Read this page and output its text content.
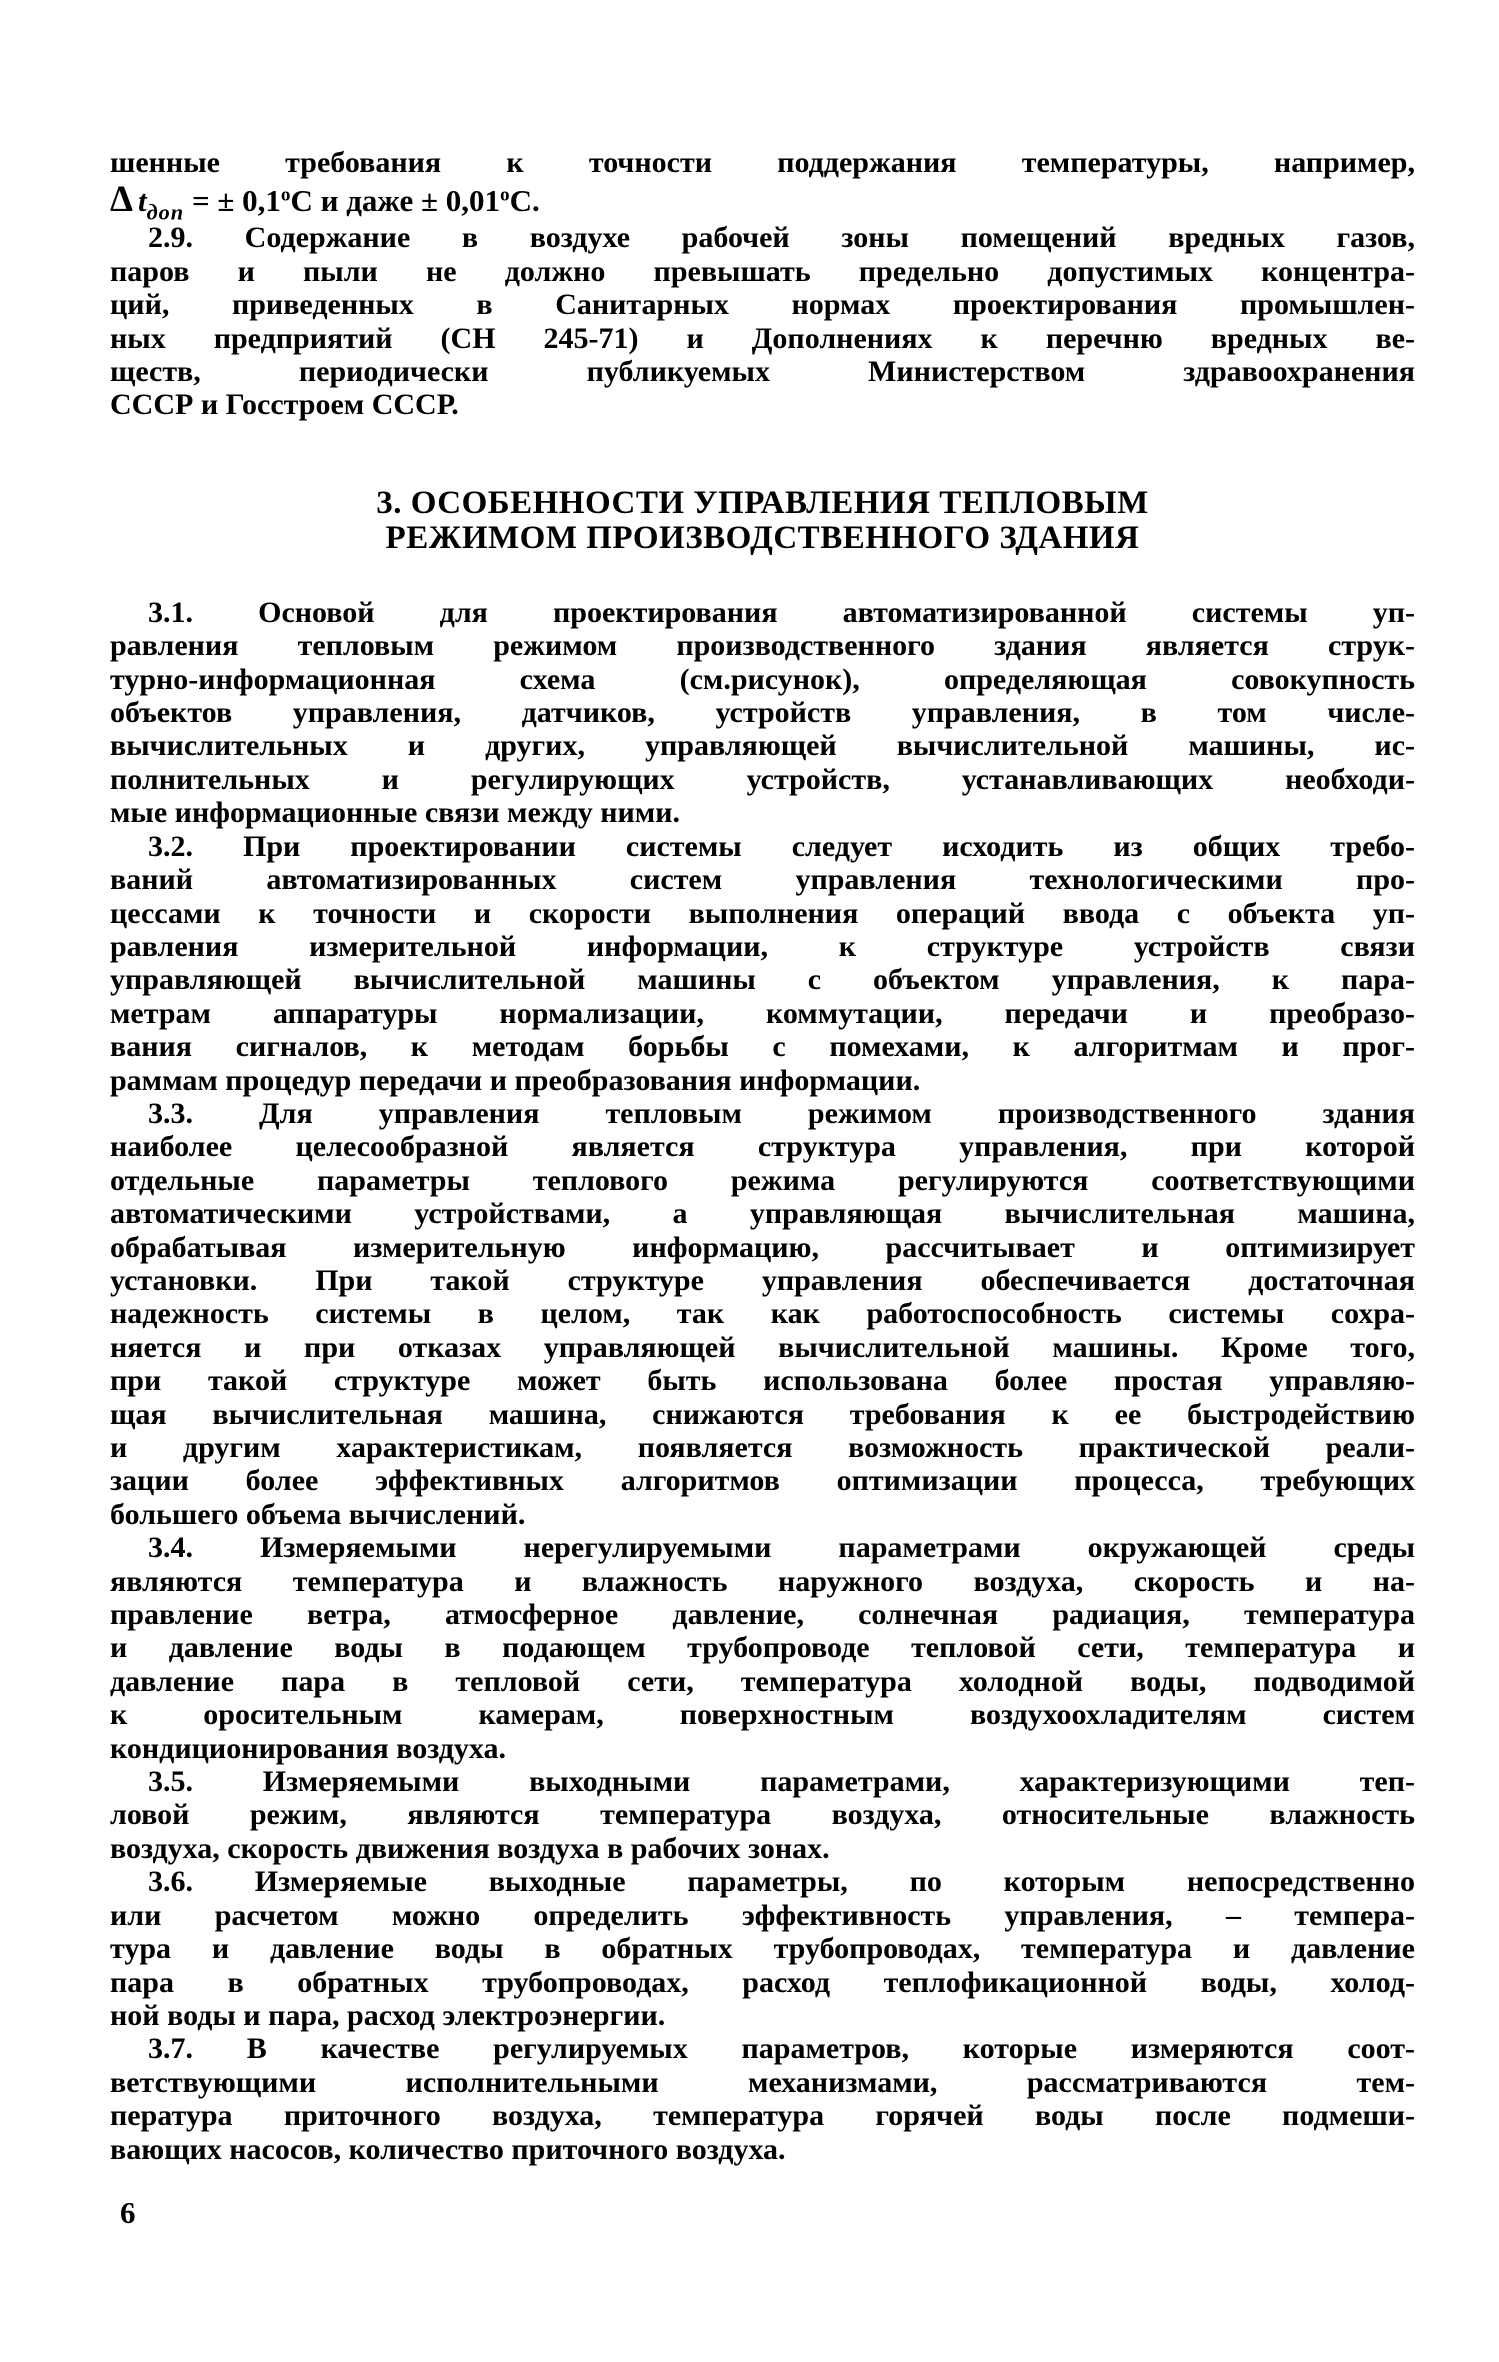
шенные требования к точности поддержания температуры, например,
Δ $t_{доп}$ = ± $0,1^оС$ и даже ± $0,01^оС$.
2.9. Содержание в воздухе рабочей зоны помещений вредных газов,
паров и пыли не должно превышать предельно допустимых концентра-
ций, приведенных в Санитарных нормах проектирования промышлен-
ных предприятий (СН 245-71) и Дополнениях к перечню вредных ве-
ществ, периодически публикуемых Министерством здравоохранения
СССР и Госстроем СССР.
3. ОСОБЕННОСТИ УПРАВЛЕНИЯ ТЕПЛОВЫМ
РЕЖИМОМ ПРОИЗВОДСТВЕННОГО ЗДАНИЯ
3.1. Основой для проектирования автоматизированной системы уп-
равления тепловым режимом производственного здания является струк-
турно-информационная схема (см.рисунок), определяющая совокупность
объектов управления, датчиков, устройств управления, в том числе-
вычислительных и других, управляющей вычислительной машины, ис-
полнительных и регулирующих устройств, устанавливающих необходи-
мые информационные связи между ними.
3.2. При проектировании системы следует исходить из общих требо-
ваний автоматизированных систем управления технологическими про-
цессами к точности и скорости выполнения операций ввода с объекта уп-
равления измерительной информации, к структуре устройств связи
управляющей вычислительной машины с объектом управления, к пара-
метрам аппаратуры нормализации, коммутации, передачи и преобразо-
вания сигналов, к методам борьбы с помехами, к алгоритмам и прог-
раммам процедур передачи и преобразования информации.
3.3. Для управления тепловым режимом производственного здания
наиболее целесообразной является структура управления, при которой
отдельные параметры теплового режима регулируются соответствующими
автоматическими устройствами, а управляющая вычислительная машина,
обрабатывая измерительную информацию, рассчитывает и оптимизирует
установки. При такой структуре управления обеспечивается достаточная
надежность системы в целом, так как работоспособность системы сохра-
няется и при отказах управляющей вычислительной машины. Кроме того,
при такой структуре может быть использована более простая управляю-
щая вычислительная машина, снижаются требования к ее быстродействию
и другим характеристикам, появляется возможность практической реали-
зации более эффективных алгоритмов оптимизации процесса, требующих
большего объема вычислений.
3.4. Измеряемыми нерегулируемыми параметрами окружающей среды
являются температура и влажность наружного воздуха, скорость и на-
правление ветра, атмосферное давление, солнечная радиация, температура
и давление воды в подающем трубопроводе тепловой сети, температура и
давление пара в тепловой сети, температура холодной воды, подводимой
к оросительным камерам, поверхностным воздухоохладителям систем
кондиционирования воздуха.
3.5. Измеряемыми выходными параметрами, характеризующими теп-
ловой режим, являются температура воздуха, относительные влажность
воздуха, скорость движения воздуха в рабочих зонах.
3.6. Измеряемые выходные параметры, по которым непосредственно
или расчетом можно определить эффективность управления, – темпера-
тура и давление воды в обратных трубопроводах, температура и давление
пара в обратных трубопроводах, расход теплофикационной воды, холод-
ной воды и пара, расход электроэнергии.
3.7. В качестве регулируемых параметров, которые измеряются соот-
ветствующими исполнительными механизмами, рассматриваются тем-
пература приточного воздуха, температура горячей воды после подмеши-
вающих насосов, количество приточного воздуха.
6
